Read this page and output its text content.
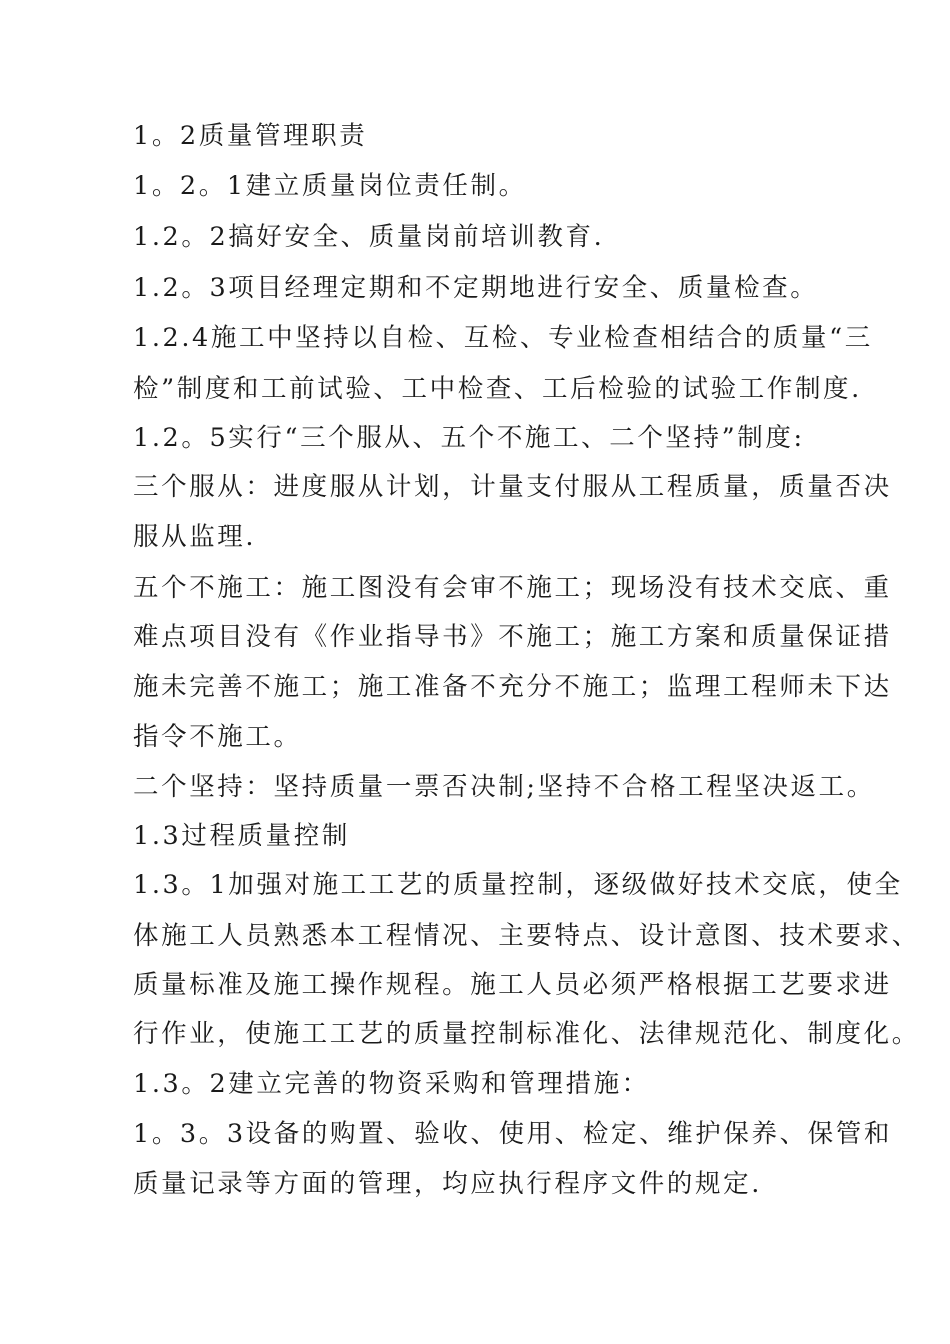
1。2质量管理职责

1。2。1建立质量岗位责任制。

1.2。2搞好安全、质量岗前培训教育.

1.2。3项目经理定期和不定期地进行安全、质量检查。

1.2.4施工中坚持以自检、互检、专业检查相结合的质量“三

检”制度和工前试验、工中检查、工后检验的试验工作制度.

1.2。5实行“三个服从、五个不施工、二个坚持”制度:

三个服从：进度服从计划，计量支付服从工程质量，质量否决

服从监理.

五个不施工：施工图没有会审不施工；现场没有技术交底、重

难点项目没有《作业指导书》不施工；施工方案和质量保证措

施未完善不施工；施工准备不充分不施工；监理工程师未下达

指令不施工。

二个坚持：坚持质量一票否决制;坚持不合格工程坚决返工。

1.3过程质量控制

1.3。1加强对施工工艺的质量控制，逐级做好技术交底，使全

体施工人员熟悉本工程情况、主要特点、设计意图、技术要求、

质量标准及施工操作规程。施工人员必须严格根据工艺要求进

行作业，使施工工艺的质量控制标准化、法律规范化、制度化。

1.3。2建立完善的物资采购和管理措施：

1。3。3设备的购置、验收、使用、检定、维护保养、保管和

质量记录等方面的管理，均应执行程序文件的规定.
